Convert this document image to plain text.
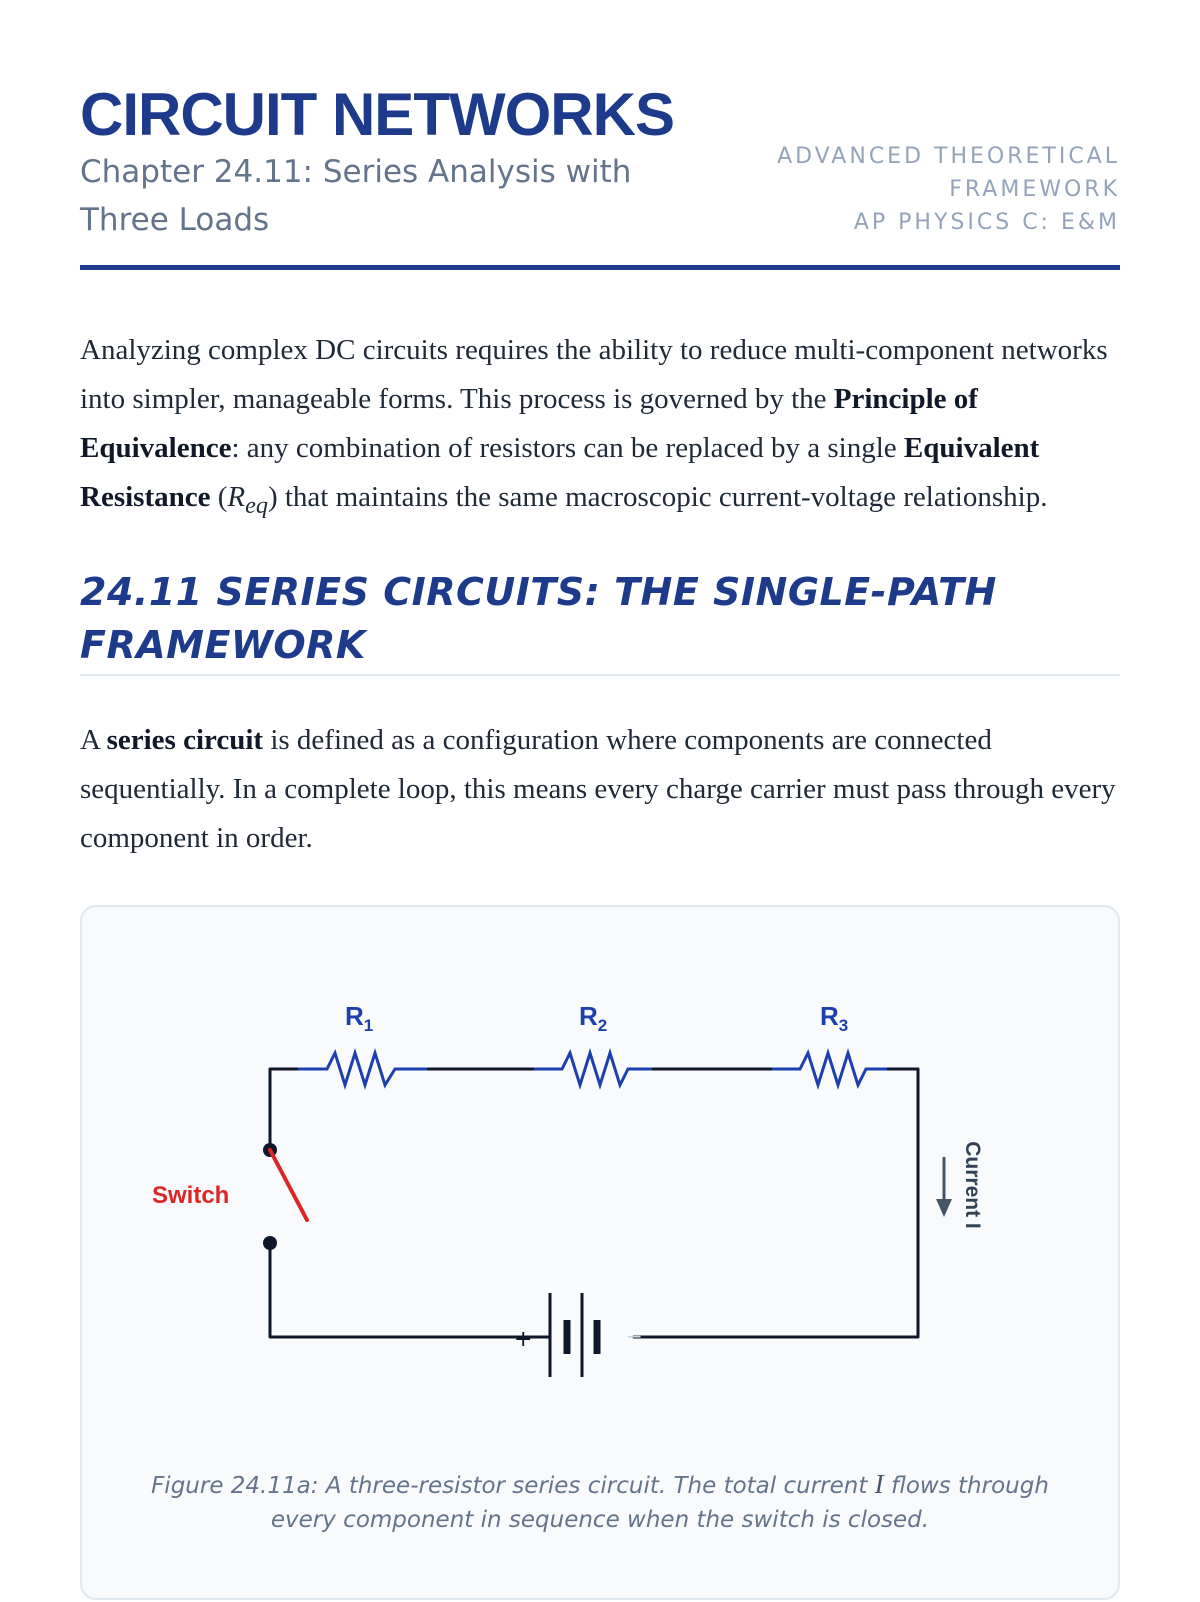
CIRCUIT NETWORKS
Chapter 24.11: Series Analysis with Three Loads
ADVANCED THEORETICAL
FRAMEWORK
AP PHYSICS C: E&M

Analyzing complex DC circuits requires the ability to reduce multi-component networks into simpler, manageable forms. This process is governed by the Principle of Equivalence: any combination of resistors can be replaced by a single Equivalent Resistance $(R_{eq})$ that maintains the same macroscopic current-voltage relationship.

24.11 SERIES CIRCUITS: THE SINGLE-PATH FRAMEWORK

A series circuit is defined as a configuration where components are connected sequentially. In a complete loop, this means every charge carrier must pass through every component in order.

$R_1$	$R_2$	$R_3$
Switch
+	−
Current I
Figure 24.11a: A three-resistor series circuit. The total current I flows through every component in sequence when the switch is closed.
